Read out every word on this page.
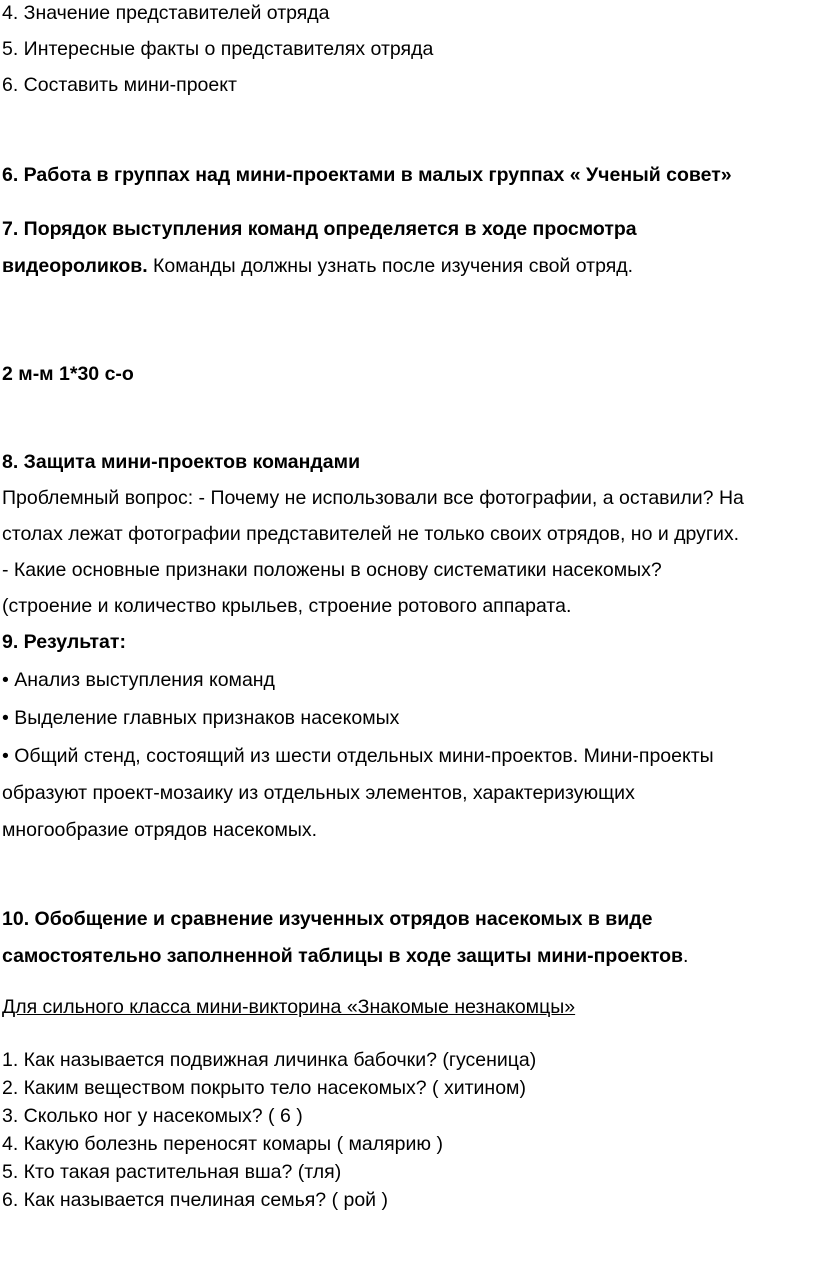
4. Значение представителей отряда
5. Интересные факты о представителях отряда
6. Составить мини-проект
6. Работа в группах над мини-проектами в малых группах « Ученый совет»
7. Порядок выступления команд определяется в ходе просмотра
видеороликов. Команды должны узнать после изучения свой отряд.
2 м-м 1*30 с-о
8. Защита мини-проектов командами
Проблемный вопрос: - Почему не использовали все фотографии, а оставили? На
столах лежат фотографии представителей не только своих отрядов, но и других.
- Какие основные признаки положены в основу систематики насекомых?
(строение и количество крыльев, строение ротового аппарата.
9. Результат:
• Анализ выступления команд
• Выделение главных признаков насекомых
• Общий стенд, состоящий из шести отдельных мини-проектов. Мини-проекты
образуют проект-мозаику из отдельных элементов, характеризующих
многообразие отрядов насекомых.
10. Обобщение и сравнение изученных отрядов насекомых в виде
самостоятельно заполненной таблицы в ходе защиты мини-проектов.
Для сильного класса мини-викторина «Знакомые незнакомцы»
1. Как называется подвижная личинка бабочки? (гусеница)
2. Каким веществом покрыто тело насекомых? ( хитином)
3. Сколько ног у насекомых? ( 6 )
4. Какую болезнь переносят комары ( малярию )
5. Кто такая растительная вша? (тля)
6. Как называется пчелиная семья? ( рой )
